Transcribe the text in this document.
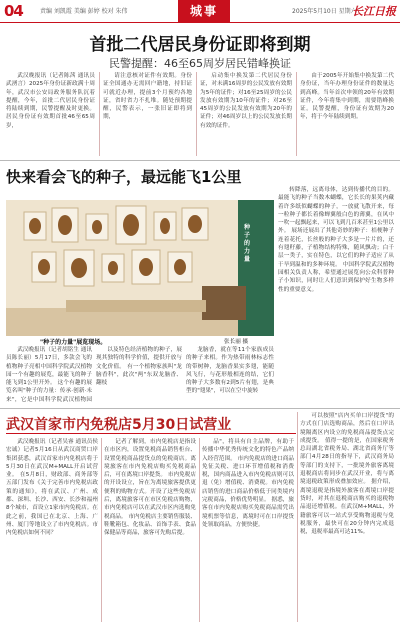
04	责编 刘凯霞 美编 彭婷 校对 朱伟	城事	2025年5月10日 星期六
长江日报
首批二代居民身份证即将到期
民警提醒：46至65周岁居民错峰换证

武汉晚报讯（记者陈茜 通讯员武湧言）2025年身份证新政满十周年，武汉市公安局政务服务队沉着提醒，今年，首批二代居民身份证将陆续到期，民警提醒及时更换。居民身份证有效期首批46至65周岁，

请注意核对证件有效期。身份证全国通办无需回户籍地，持旧证可就近办理，提前3个月预约各地证，省时省力不扎堆。随处预期提醒，民警表示，一张旧证即将到期，

启动集中换发第二代居民身份证，对未满16周岁的公民发放有效期为5年的证件；对16至25周岁的公民发放有效期为10年的证件；对26至45周岁的公民发放有效期为20年的证件；对46周岁以上的公民发放长期有效的证件。

由于2005年开始集中换发第二代身份证，当年办理身份证件的数量达到高峰。当年首次申领的20年有效期证件，今年将集中到期，需要错峰换证。民警提醒，身份证有效期为20年，将于今年陆续到期。

快来看会飞的种子，最远能飞1公里
种子的力量
"种子的力量"展览现场。	张长丽 摄

转降落，远离母体，达到传播代的目的。 最能飞的种子当数木蝴蝶，它长长的果荚内藏着许多纸似蝴蝶的种子，一放就飞散开来，每一粒种子都长着像蝉翼般白色的薄翼，在风中一吹一起飘起来，可以飞到几百米甚至1公里以外。 展场还展出了其他奇妙的种子：桔梗种子连着花托，长丝般的种子大多是一片片的，还有翅籽藤，子植物结构特殊，随风飘动；白千层一类子，实在特色，以它们的种子适应了从干旱到温和的多种环境。 中国科学院武汉植物园相关负责人称，希望通过展览向公众科普种子小知识，同时让人们意识到保护好生物多样性的重要意义。

以及特色经济植物的种子，展现其独特的科学价值，提供开放与文化价值。 有一个植物家族叫"龙脑香科"，此次"两"东双龙脑香、翻枝

龙脑香，就在等11个家族成员的种子来相。作为热带雨林标志性的带树种，龙脑香果实多翅，能随风飞行，与花形般相连的结，它们的种子大多数有2到5片有翅，是典型的"翅果"，可以在空中旋转

武汉晚报讯（记者胡铭生 通讯员陈长丽）5月17日，多款会飞的植物种子亮相中国科学院武汉植物园一个有趣的展览，最能飞的种子能飞到1公里开外。 这个有趣的展览名叫"种子的力量：传承·创新·未来"，它是中国科学院武汉植物园

武汉首家市内免税店5月30日试营业

武汉晚报讯（记者吴睿 通讯员侯宏诚）记者5月16日从武汉商贸口岸集团获悉，武汉首家市内免税店将于5月30日在武汉M+MALL开启试营业。 在5月8日，财政部、商务部等五部门发布《关于完善市内免税店政策的通知》，将在武汉、广州、成都、深圳、长沙、西安、长沙和福州8个城市，首设立1家市内免税店。在此之前，我国已在北京、上海、广州、厦门等地设立了市内免税店。市内免税店如何不同？

记者了解到，市内免税店是指设在市区内，设置免税商品销售柜台、设置免税商品提货点的免税商店。离境旅客在市内免税店购买免税商品后，可在离境口岸提货。 市内免税店的开设设立，旨在为离境旅客提供更便利的购物方式。开设了这些免税店后，离境旅客可在市区免税店购物，市内免税店可以在武汉市区内选购免税商品。 市内免税店主要销售服装、鞋靴箱包、化妆品、首饰手表、食品保健品等商品，旅客可先购后提。

品"，将具有自主品牌，有助于传播中华优秀传统文化的特色产品纳入经营范围。 市内免税店的进口商品免征关税、进口环节增值税和消费税，国内商品进入市内免税店则可以退（免）增值税、消费税。市内免税店销售的进口商品价格低于同类境内完税商品，价格优势明显。 据悉，旅客在市内免税店购买免税商品需凭出境机票等信息，离境时可在口岸提货处领取商品，方便快捷。

可以按照"店内买单口岸提货"的方式在门店选购商品，然后在口岸出境隔离区内设立的免税商品提货点完成提货。 值得一提的是，在国家税务总局湖北省税务局、湖北省商务厅等部门4月28日的指导下，武汉商务局等部门的支持下，一批境外旅客离境退税商店将同步在武汉开业，将与离境退税政策形成叠加效应。 据介绍，离境退税是指境外旅客在离境口岸提货时，对其在退税商店购买的退税物品退还增值税。在武汉M+MALL，外籍旅客可以一站式享受购物退税与免税服务，最快可在20分钟内完成退税，退税率最高可达11%。
